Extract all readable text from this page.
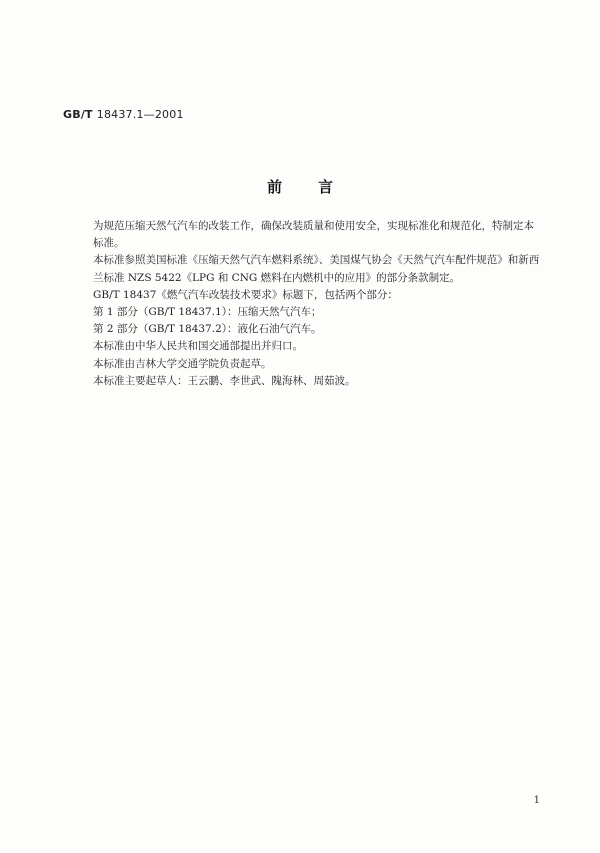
GB/T 18437.1—2001
前言

为规范压缩天然气汽车的改装工作，确保改装质量和使用安全，实现标准化和规范化，特制定本标准。

本标准参照美国标准《压缩天然气汽车燃料系统》、美国煤气协会《天然气汽车配件规范》和新西兰标准 NZS 5422《LPG 和 CNG 燃料在内燃机中的应用》的部分条款制定。

GB/T 18437《燃气汽车改装技术要求》标题下，包括两个部分：

第 1 部分（GB/T 18437.1）：压缩天然气汽车；

第 2 部分（GB/T 18437.2）：液化石油气汽车。

本标准由中华人民共和国交通部提出并归口。

本标准由吉林大学交通学院负责起草。

本标准主要起草人：王云鹏、李世武、隗海林、周茹波。

1
